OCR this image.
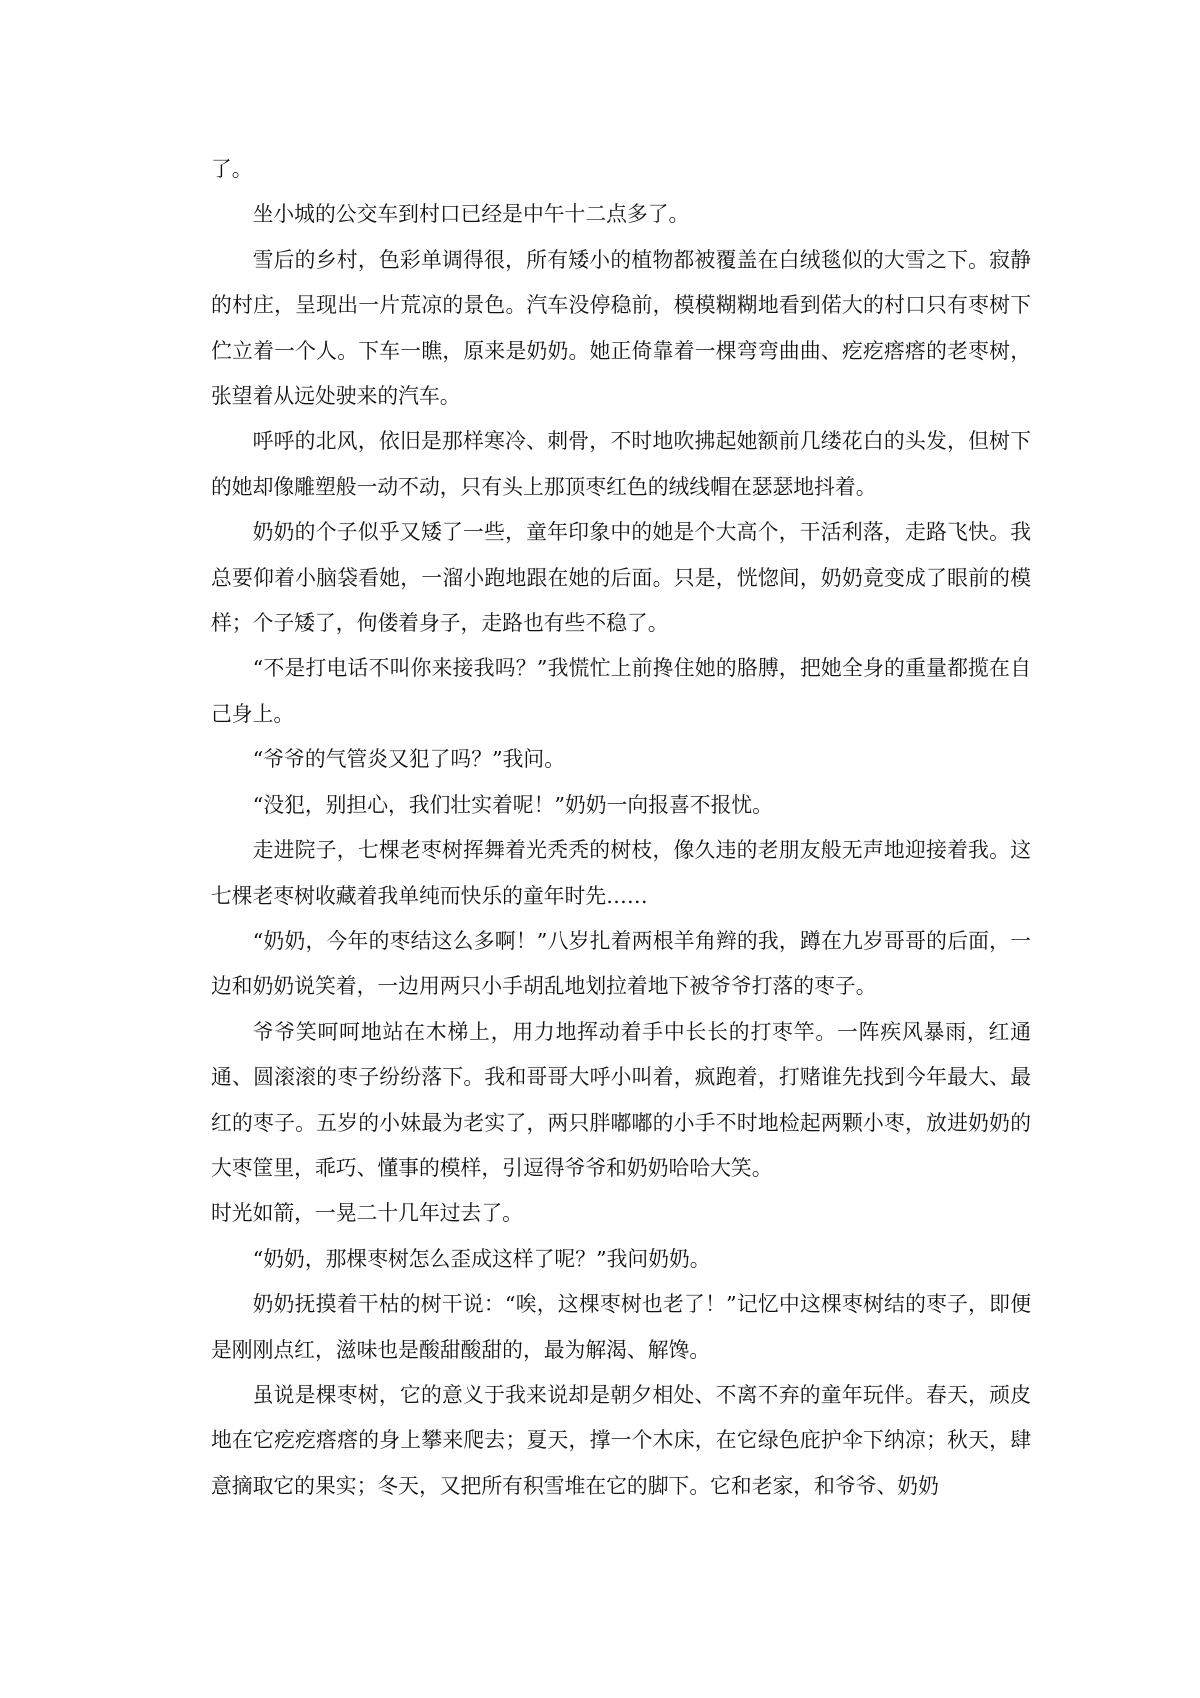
了。

坐小城的公交车到村口已经是中午十二点多了。

雪后的乡村，色彩单调得很，所有矮小的植物都被覆盖在白绒毯似的大雪之下。寂静的村庄，呈现出一片荒凉的景色。汽车没停稳前，模模糊糊地看到偌大的村口只有枣树下伫立着一个人。下车一瞧，原来是奶奶。她正倚靠着一棵弯弯曲曲、疙疙瘩瘩的老枣树，张望着从远处驶来的汽车。

呼呼的北风，依旧是那样寒冷、刺骨，不时地吹拂起她额前几缕花白的头发，但树下的她却像雕塑般一动不动，只有头上那顶枣红色的绒线帽在瑟瑟地抖着。

奶奶的个子似乎又矮了一些，童年印象中的她是个大高个，干活利落，走路飞快。我总要仰着小脑袋看她，一溜小跑地跟在她的后面。只是，恍惚间，奶奶竟变成了眼前的模样；个子矮了，佝偻着身子，走路也有些不稳了。

“不是打电话不叫你来接我吗？”我慌忙上前搀住她的胳膊，把她全身的重量都揽在自己身上。

“爷爷的气管炎又犯了吗？”我问。

“没犯，别担心，我们壮实着呢！”奶奶一向报喜不报忧。

走进院子，七棵老枣树挥舞着光秃秃的树枝，像久违的老朋友般无声地迎接着我。这七棵老枣树收藏着我单纯而快乐的童年时先……

“奶奶，今年的枣结这么多啊！”八岁扎着两根羊角辫的我，蹲在九岁哥哥的后面，一边和奶奶说笑着，一边用两只小手胡乱地划拉着地下被爷爷打落的枣子。

爷爷笑呵呵地站在木梯上，用力地挥动着手中长长的打枣竿。一阵疾风暴雨，红通通、圆滚滚的枣子纷纷落下。我和哥哥大呼小叫着，疯跑着，打赌谁先找到今年最大、最红的枣子。五岁的小妹最为老实了，两只胖嘟嘟的小手不时地检起两颗小枣，放进奶奶的大枣筐里，乖巧、懂事的模样，引逗得爷爷和奶奶哈哈大笑。

时光如箭，一晃二十几年过去了。

“奶奶，那棵枣树怎么歪成这样了呢？”我问奶奶。

奶奶抚摸着干枯的树干说：“唉，这棵枣树也老了！”记忆中这棵枣树结的枣子，即便是刚刚点红，滋味也是酸甜酸甜的，最为解渴、解馋。

虽说是棵枣树，它的意义于我来说却是朝夕相处、不离不弃的童年玩伴。春天，顽皮地在它疙疙瘩瘩的身上攀来爬去；夏天，撑一个木床，在它绿色庇护伞下纳凉；秋天，肆意摘取它的果实；冬天，又把所有积雪堆在它的脚下。它和老家，和爷爷、奶奶
